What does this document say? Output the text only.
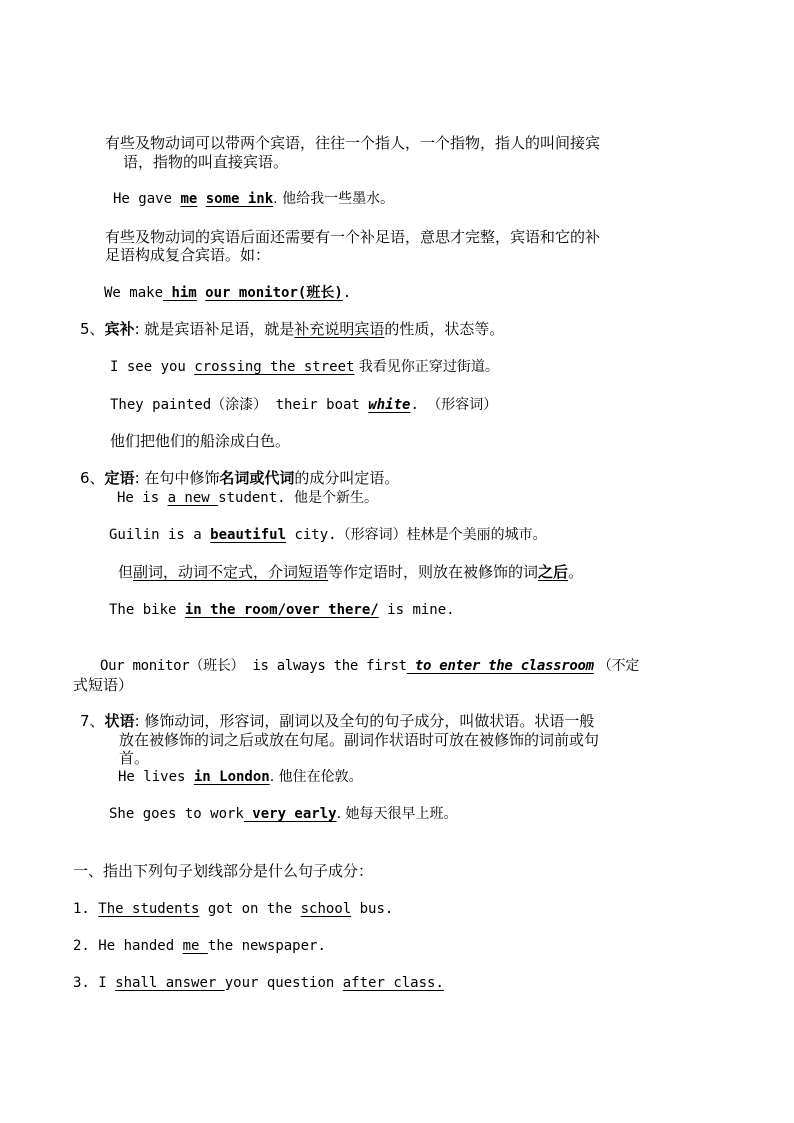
有些及物动词可以带两个宾语，往往一个指人，一个指物，指人的叫间接宾
语，指物的叫直接宾语。
He gave me some ink. 他给我一些墨水。
有些及物动词的宾语后面还需要有一个补足语，意思才完整，宾语和它的补
足语构成复合宾语。如：
We make him our monitor(班长).
5、宾补: 就是宾语补足语，就是补充说明宾语的性质，状态等。
I see you crossing the street 我看见你正穿过街道。
They painted（涂漆） their boat white. （形容词）
他们把他们的船涂成白色。
6、定语: 在句中修饰名词或代词的成分叫定语。
He is a new student. 他是个新生。
Guilin is a beautiful city.（形容词）桂林是个美丽的城市。
但副词，动词不定式，介词短语等作定语时，则放在被修饰的词之后。
The bike in the room/over there/ is mine.
Our monitor（班长） is always the first to enter the classroom （不定
式短语）
7、状语: 修饰动词，形容词，副词以及全句的句子成分，叫做状语。状语一般
放在被修饰的词之后或放在句尾。副词作状语时可放在被修饰的词前或句
首。
He lives in London. 他住在伦敦。
She goes to work very early. 她每天很早上班。
一、指出下列句子划线部分是什么句子成分：
1. The students got on the school bus.
2. He handed me the newspaper.
3. I shall answer your question after class.
